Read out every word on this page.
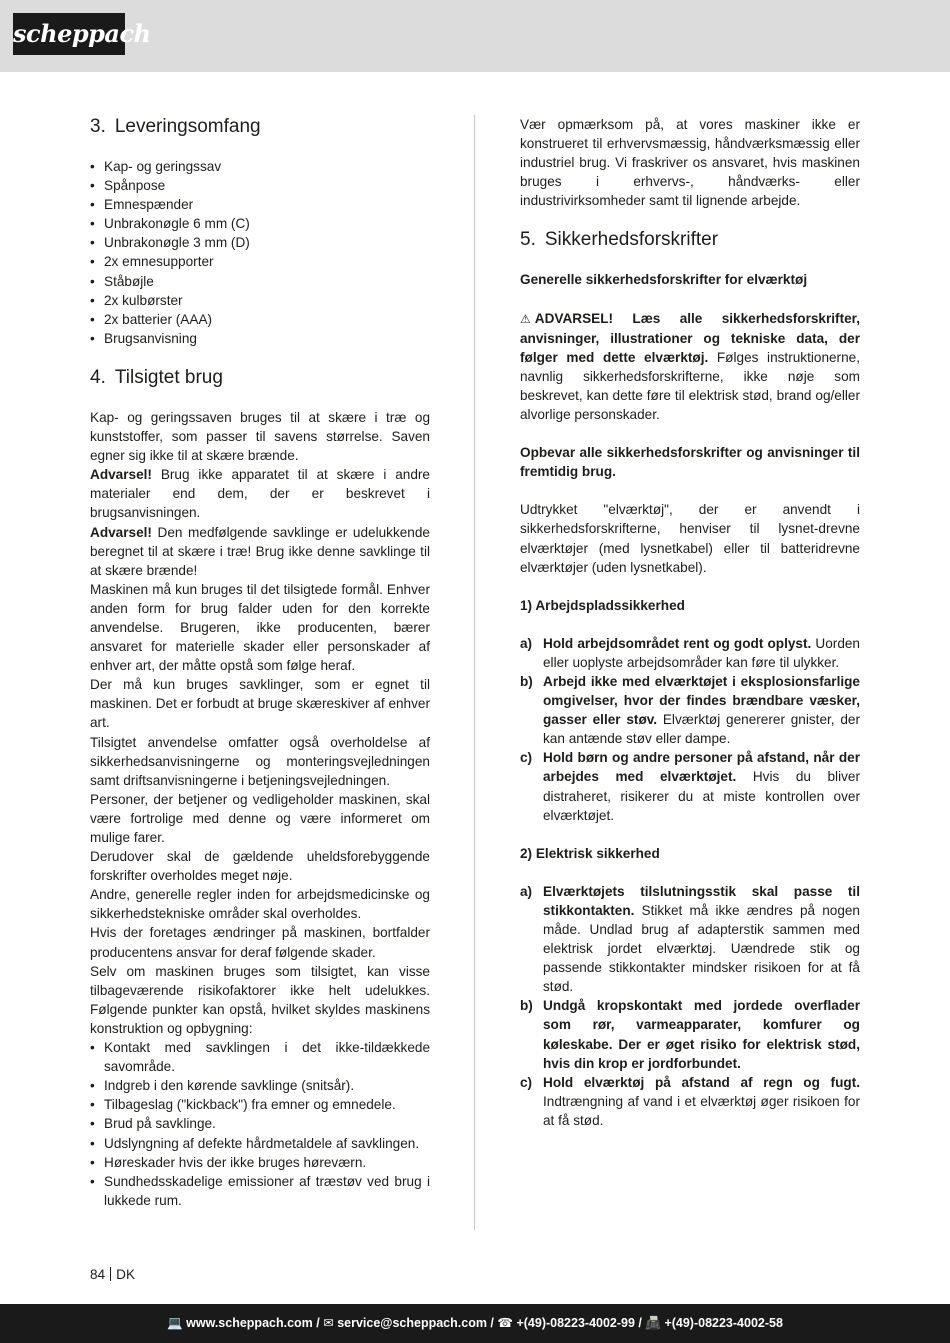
scheppach
3. Leveringsomfang
• Kap- og geringssav
• Spånpose
• Emnespænder
• Unbrakonøgle 6 mm (C)
• Unbrakonøgle 3 mm (D)
• 2x emnesupporter
• Ståbøjle
• 2x kulbørster
• 2x batterier (AAA)
• Brugsanvisning
4. Tilsigtet brug

Kap- og geringssaven bruges til at skære i træ og kunststoffer, som passer til savens størrelse. Saven egner sig ikke til at skære brænde.

Advarsel! Brug ikke apparatet til at skære i andre materialer end dem, der er beskrevet i brugsanvisningen.

Advarsel! Den medfølgende savklinge er udelukkende beregnet til at skære i træ! Brug ikke denne savklinge til at skære brænde!

Maskinen må kun bruges til det tilsigtede formål. Enhver anden form for brug falder uden for den korrekte anvendelse. Brugeren, ikke producenten, bærer ansvaret for materielle skader eller personskader af enhver art, der måtte opstå som følge heraf.

Der må kun bruges savklinger, som er egnet til maskinen. Det er forbudt at bruge skæreskiver af enhver art.

Tilsigtet anvendelse omfatter også overholdelse af sikkerhedsanvisningerne og monteringsvejledningen samt driftsanvisningerne i betjeningsvejledningen.

Personer, der betjener og vedligeholder maskinen, skal være fortrolige med denne og være informeret om mulige farer.

Derudover skal de gældende uheldsforebyggende forskrifter overholdes meget nøje.

Andre, generelle regler inden for arbejdsmedicinske og sikkerhedstekniske områder skal overholdes.

Hvis der foretages ændringer på maskinen, bortfalder producentens ansvar for deraf følgende skader.

Selv om maskinen bruges som tilsigtet, kan visse tilbageværende risikofaktorer ikke helt udelukkes. Følgende punkter kan opstå, hvilket skyldes maskinens konstruktion og opbygning:

• Kontakt med savklingen i det ikke-tildækkede savområde.
• Indgreb i den kørende savklinge (snitsår).
• Tilbageslag ("kickback") fra emner og emnedele.
• Brud på savklinge.
• Udslyngning af defekte hårdmetaldele af savklingen.
• Høreskader hvis der ikke bruges høreværn.
• Sundhedsskadelige emissioner af træstøv ved brug i lukkede rum.

Vær opmærksom på, at vores maskiner ikke er konstrueret til erhvervsmæssig, håndværksmæssig eller industriel brug. Vi fraskriver os ansvaret, hvis maskinen bruges i erhvervs-, håndværks- eller industrivirksomheder samt til lignende arbejde.

5. Sikkerhedsforskrifter

Generelle sikkerhedsforskrifter for elværktøj

⚠ ADVARSEL! Læs alle sikkerhedsforskrifter, anvisninger, illustrationer og tekniske data, der følger med dette elværktøj. Følges instruktionerne, navnlig sikkerhedsforskrifterne, ikke nøje som beskrevet, kan dette føre til elektrisk stød, brand og/eller alvorlige personskader.

Opbevar alle sikkerhedsforskrifter og anvisninger til fremtidig brug.

Udtrykket "elværktøj", der er anvendt i sikkerhedsforskrifterne, henviser til lysnet-drevne elværktøjer (med lysnetkabel) eller til batteridrevne elværktøjer (uden lysnetkabel).

1) Arbejdspladssikkerhed

a) Hold arbejdsområdet rent og godt oplyst. Uorden eller uoplyste arbejdsområder kan føre til ulykker.
b) Arbejd ikke med elværktøjet i eksplosionsfarlige omgivelser, hvor der findes brændbare væsker, gasser eller støv. Elværktøj genererer gnister, der kan antænde støv eller dampe.
c) Hold børn og andre personer på afstand, når der arbejdes med elværktøjet. Hvis du bliver distraheret, risikerer du at miste kontrollen over elværktøjet.

2) Elektrisk sikkerhed

a) Elværktøjets tilslutningsstik skal passe til stikkontakten. Stikket må ikke ændres på nogen måde. Undlad brug af adapterstik sammen med elektrisk jordet elværktøj. Uændrede stik og passende stikkontakter mindsker risikoen for at få stød.
b) Undgå kropskontakt med jordede overflader som rør, varmeapparater, komfurer og køleskabe. Der er øget risiko for elektrisk stød, hvis din krop er jordforbundet.
c) Hold elværktøj på afstand af regn og fugt. Indtrængning af vand i et elværktøj øger risikoen for at få stød.
84 DK
💻 www.scheppach.com / ✉ service@scheppach.com / ☎ +(49)-08223-4002-99 / 📠 +(49)-08223-4002-58
